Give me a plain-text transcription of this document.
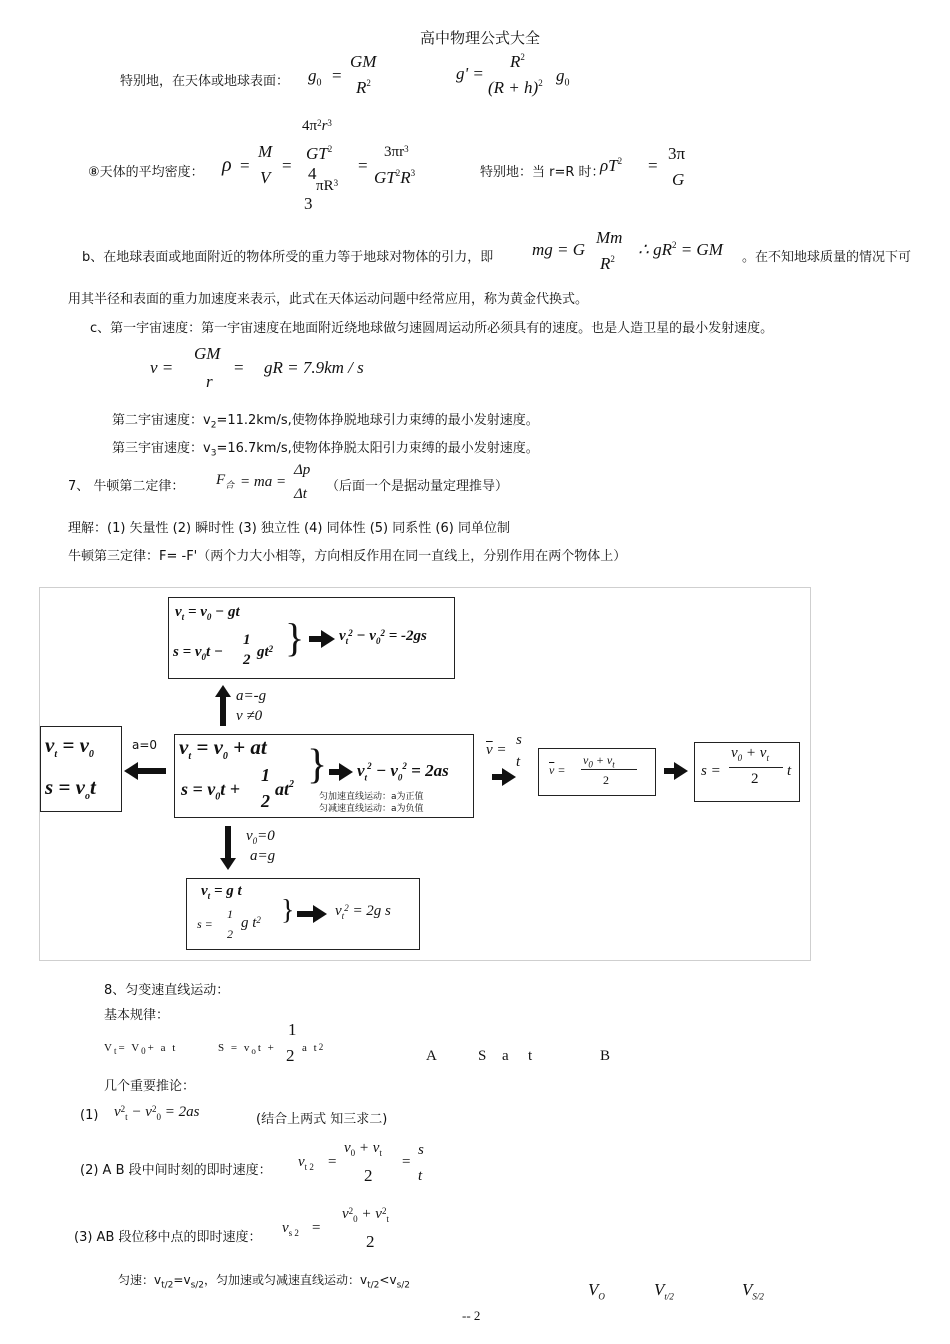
高中物理公式大全
特别地，在天体或地球表面： $g_0$ =
GM
$R^2$	g' =
$R^2$
$(R + h)^2$ $g_0$
⑧天体的平均密度： ρ =
M
V
=
$4\pi^2r^3$
$GT^2$
4
$\pi R^3$
3
=
$3\pi r^3$
$GT^2R^3$	特别地：当 r=R 时：
$\rho T^2$ =
3π
G
b、在地球表面或地面附近的物体所受的重力等于地球对物体的引力，即 mg = G
Mm
$R^2$ ∴ $gR^2$ = GM 。在不知地球质量的情况下可
用其半径和表面的重力加速度来表示，此式在天体运动问题中经常应用，称为黄金代换式。
c、第一宇宙速度：第一宇宙速度在地面附近绕地球做匀速圆周运动所必须具有的速度。也是人造卫星的最小发射速度。
v =
GM
r
= gR = 7.9km / s
第二宇宙速度：$v_2=11.2km/s$,使物体挣脱地球引力束缚的最小发射速度。
第三宇宙速度：$v_3=16.7km/s$,使物体挣脱太阳引力束缚的最小发射速度。
7、 牛顿第二定律： $F_合$ = ma =
Δp
Δt （后面一个是据动量定理推导）
理解：(1) 矢量性 (2) 瞬时性 (3) 独立性 (4) 同体性 (5) 同系性 (6) 同单位制
牛顿第三定律：F= -F'（两个力大小相等，方向相反作用在同一直线上，分别作用在两个物体上）
$v_t = v_0$ − gt
$s = v_0t$ −
1
2 $gt^2$ } $v_t^2 - v_0^2 = -2gs$
a=-g
v ≠0
$v_t = v_0$
$s = v_ot$
a=0 $v_t = v_0$ + at
$s = v_0t$ +
1
2
$at^2$ } $v_t^2 - v_0^2 = 2as$
匀加速直线运动：a为正值
匀减速直线运动：a为负值
$\overline{v}$ =
s
t $\overline{v}$ =
$v_0 + v_t$
2
s =
$v_0 + v_t$
2 t
$v_0=0$
a=g
$v_t = g$ t
s =
1
2
g $t^2$ }	$v_t^2 = 2g$ s
8、匀变速直线运动：
基本规律：
$V_t= V_0+ a$ t	$S = v_ot$ +
1
2 a $t^2$
A	S a t	B
几个重要推论：
(1) $v^2_t - v^2_0 = 2as$	(结合上两式 知三求二)
(2) A B 段中间时刻的即时速度：
$v_{t 2}$ =
$v_0 + v_t$
2
=
s
t
(3) AB 段位移中点的即时速度：
$v_{s 2}$ =
$v^2_0 + v^2_t$
2
匀速：$v_{t/2}=v_{s/2}$，匀加速或匀减速直线运动：$v_{t/2}<v_{s/2}$	$V_O$	$V_{t/2}$	$V_{S/2}$
-- 2
